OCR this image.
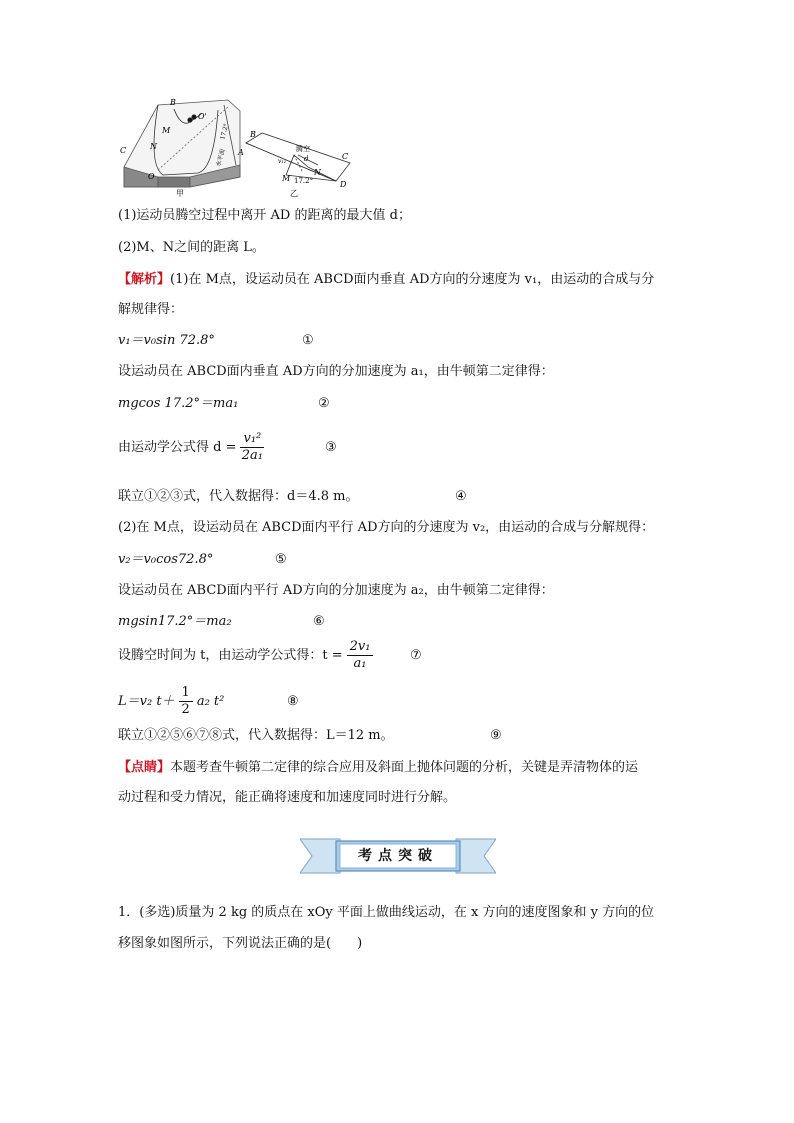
B
O'
M
N
C
O
甲
水平面
17.2° B
A	C
D
M
N
腾空
v₁₁	d
17.2°
乙
(1)运动员腾空过程中离开 AD 的距离的最大值 d；
(2)M、N之间的距离 L。
【解析】(1)在 M点，设运动员在 ABCD面内垂直 AD方向的分速度为 v₁，由运动的合成与分
解规律得：
v₁＝v₀sin 72.8°	①
设运动员在 ABCD面内垂直 AD方向的分加速度为 a₁，由牛顿第二定律得：
mgcos 17.2°＝ma₁	②
由运动学公式得 $d = \frac{\text{v₁²}}{\text{2a₁}}$	③
联立①②③式，代入数据得：d＝4.8 m。	④
(2)在 M点，设运动员在 ABCD面内平行 AD方向的分速度为 v₂，由运动的合成与分解规得：
v₂＝v₀cos72.8°	⑤
设运动员在 ABCD面内平行 AD方向的分加速度为 a₂，由牛顿第二定律得：
mgsin17.2°＝ma₂	⑥
设腾空时间为 t，由运动学公式得：$t = \frac{\text{2v₁}}{\text{a₁}}$	⑦
L＝v₂ $t+ \frac{1}{2} a_2$ t²	⑧
联立①②⑤⑥⑦⑧式，代入数据得：L＝12 m。	⑨
【点睛】本题考查牛顿第二定律的综合应用及斜面上抛体问题的分析，关键是弄清物体的运
动过程和受力情况，能正确将速度和加速度同时进行分解。
考点突破
1．(多选)质量为 2 kg 的质点在 xOy 平面上做曲线运动，在 x 方向的速度图象和 y 方向的位
移图象如图所示，下列说法正确的是(　　)
